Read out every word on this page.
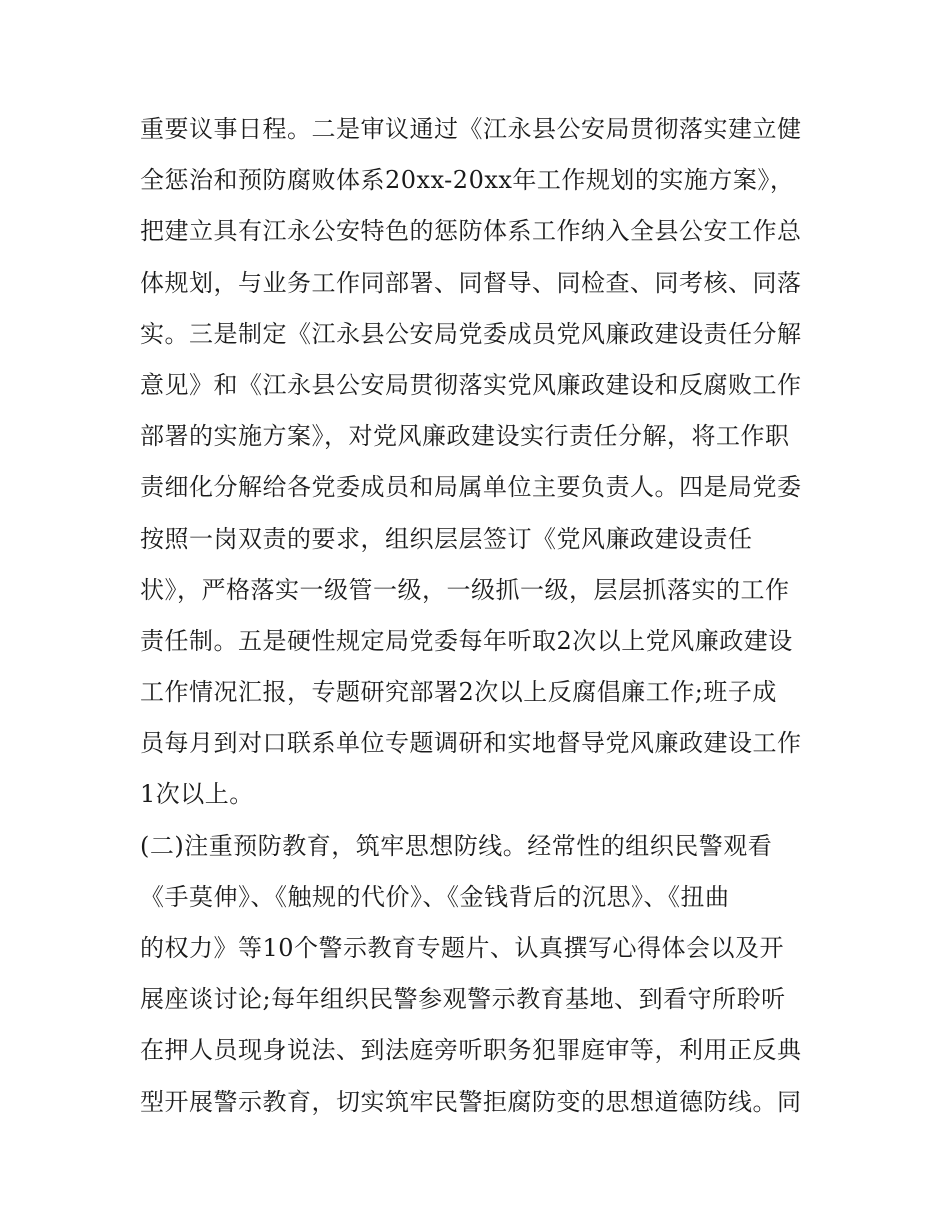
重要议事日程。二是审议通过《江永县公安局贯彻落实建立健
全惩治和预防腐败体系20xx-20xx年工作规划的实施方案》，
把建立具有江永公安特色的惩防体系工作纳入全县公安工作总
体规划，与业务工作同部署、同督导、同检查、同考核、同落
实。三是制定《江永县公安局党委成员党风廉政建设责任分解
意见》和《江永县公安局贯彻落实党风廉政建设和反腐败工作
部署的实施方案》，对党风廉政建设实行责任分解，将工作职
责细化分解给各党委成员和局属单位主要负责人。四是局党委
按照一岗双责的要求，组织层层签订《党风廉政建设责任
状》，严格落实一级管一级，一级抓一级，层层抓落实的工作
责任制。五是硬性规定局党委每年听取2次以上党风廉政建设
工作情况汇报，专题研究部署2次以上反腐倡廉工作;班子成
员每月到对口联系单位专题调研和实地督导党风廉政建设工作
1次以上。
(二)注重预防教育，筑牢思想防线。经常性的组织民警观看
《手莫伸》、《触规的代价》、《金钱背后的沉思》、《扭曲
的权力》等10个警示教育专题片、认真撰写心得体会以及开
展座谈讨论;每年组织民警参观警示教育基地、到看守所聆听
在押人员现身说法、到法庭旁听职务犯罪庭审等，利用正反典
型开展警示教育，切实筑牢民警拒腐防变的思想道德防线。同
